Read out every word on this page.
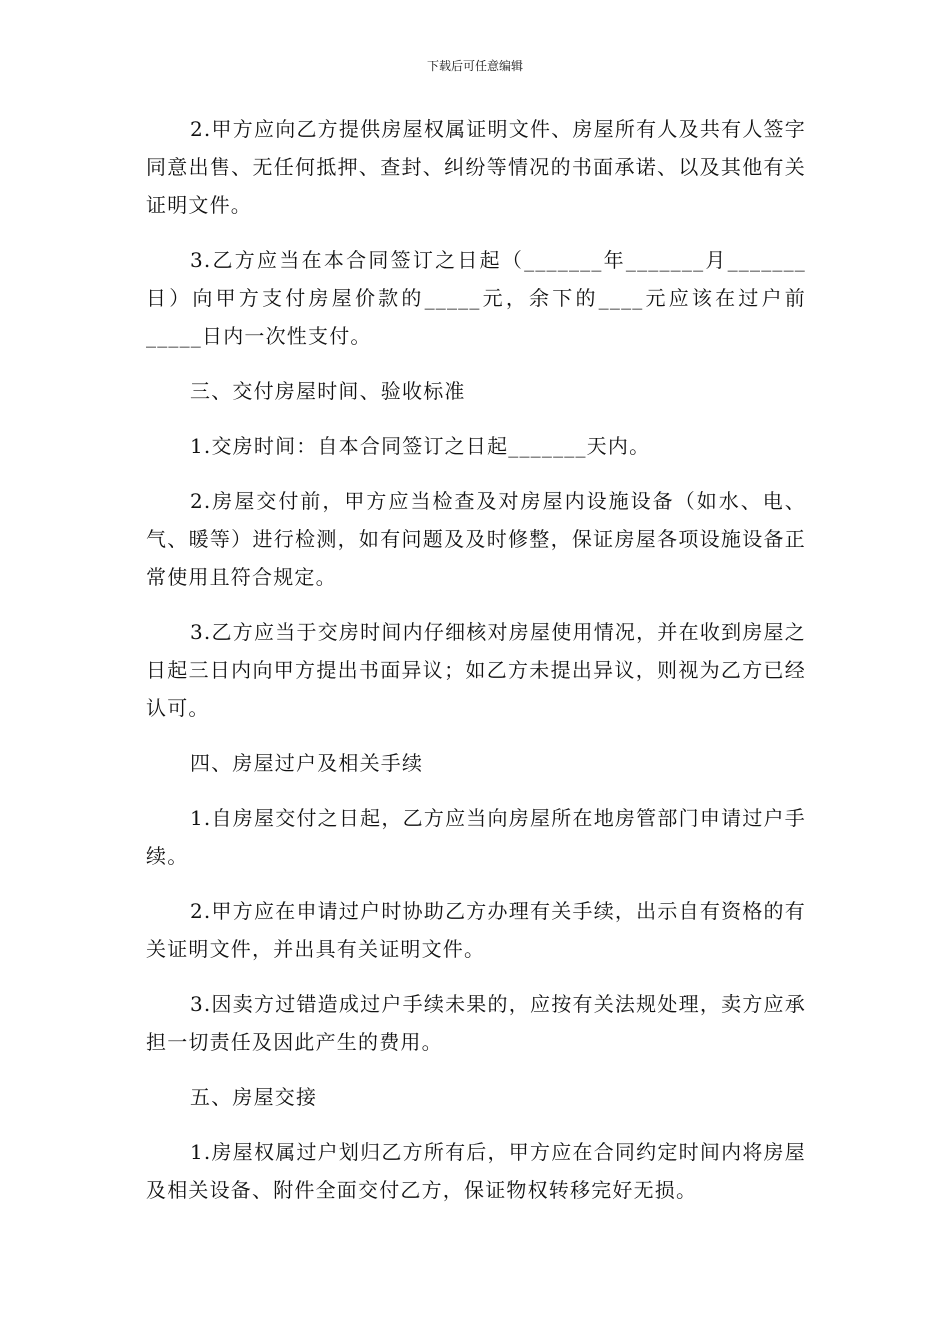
下载后可任意编辑

2.甲方应向乙方提供房屋权属证明文件、房屋所有人及共有人签字同意出售、无任何抵押、查封、纠纷等情况的书面承诺、以及其他有关证明文件。

3.乙方应当在本合同签订之日起（_______年_______月_______日）向甲方支付房屋价款的_____元，余下的____元应该在过户前_____日内一次性支付。

三、交付房屋时间、验收标准

1.交房时间：自本合同签订之日起_______天内。

2.房屋交付前，甲方应当检查及对房屋内设施设备（如水、电、气、暖等）进行检测，如有问题及及时修整，保证房屋各项设施设备正常使用且符合规定。

3.乙方应当于交房时间内仔细核对房屋使用情况，并在收到房屋之日起三日内向甲方提出书面异议；如乙方未提出异议，则视为乙方已经认可。

四、房屋过户及相关手续

1.自房屋交付之日起，乙方应当向房屋所在地房管部门申请过户手续。

2.甲方应在申请过户时协助乙方办理有关手续，出示自有资格的有关证明文件，并出具有关证明文件。

3.因卖方过错造成过户手续未果的，应按有关法规处理，卖方应承担一切责任及因此产生的费用。

五、房屋交接

1.房屋权属过户划归乙方所有后，甲方应在合同约定时间内将房屋及相关设备、附件全面交付乙方，保证物权转移完好无损。
